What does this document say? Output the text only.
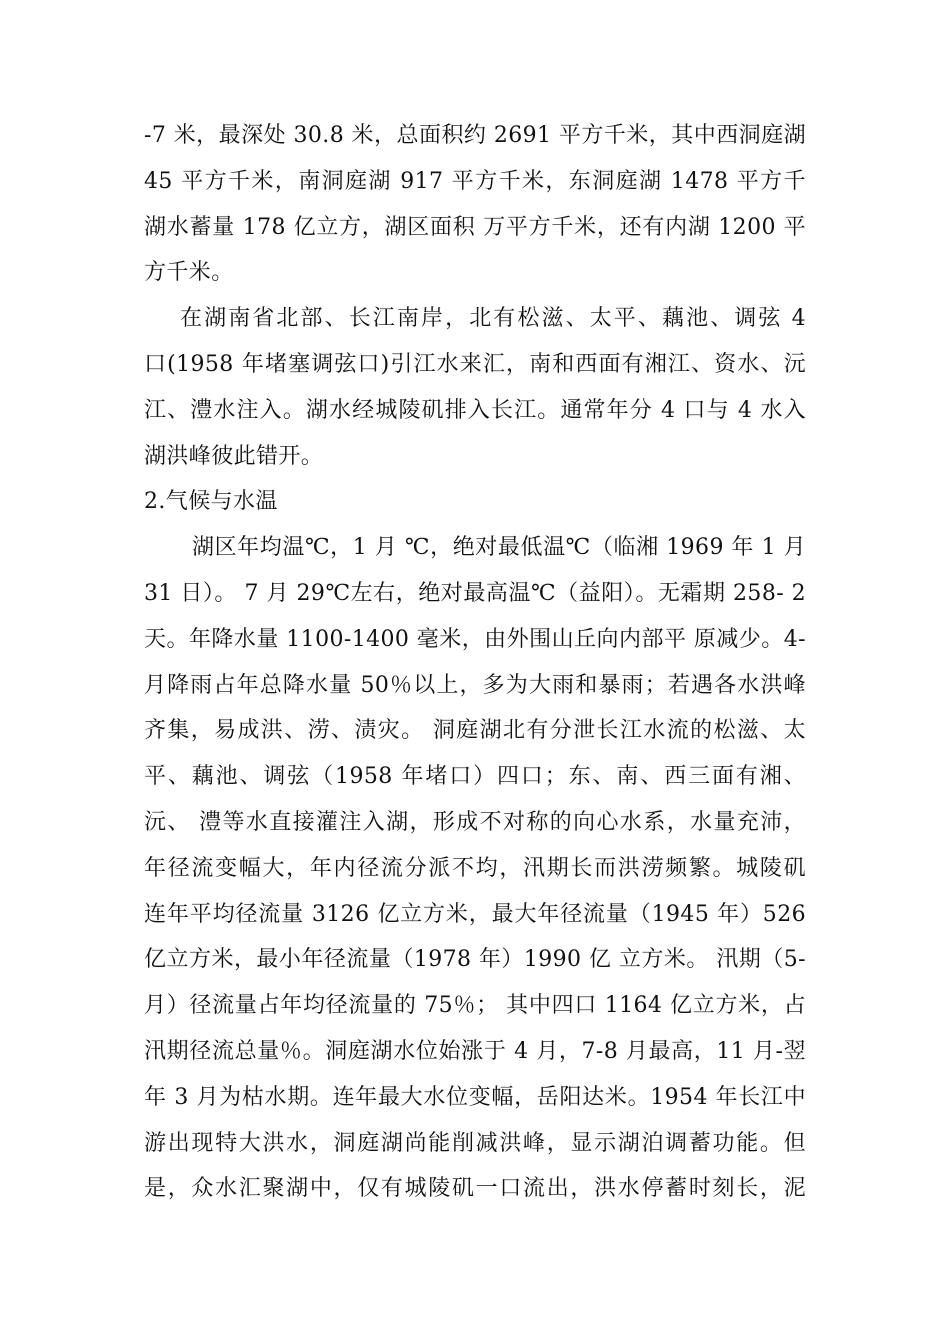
-7 米，最深处 30.8 米，总面积约 2691 平方千米，其中西洞庭湖
45 平方千米，南洞庭湖 917 平方千米，东洞庭湖 1478 平方千
湖水蓄量 178 亿立方，湖区面积 万平方千米，还有内湖 1200 平
方千米。
在湖南省北部、长江南岸，北有松滋、太平、藕池、调弦 4
口(1958 年堵塞调弦口)引江水来汇，南和西面有湘江、资水、沅
江、澧水注入。湖水经城陵矶排入长江。通常年分 4 口与 4 水入
湖洪峰彼此错开。
2.气候与水温
湖区年均温℃，1 月 ℃，绝对最低温℃（临湘 1969 年 1 月
31 日）。 7 月 29℃左右，绝对最高温℃（益阳）。无霜期 258- 2
天。年降水量 1100-1400 毫米，由外围山丘向内部平 原减少。4-
月降雨占年总降水量 50％以上，多为大雨和暴雨；若遇各水洪峰
齐集，易成洪、涝、渍灾。 洞庭湖北有分泄长江水流的松滋、太
平、藕池、调弦（1958 年堵口）四口；东、南、西三面有湘、
沅、 澧等水直接灌注入湖，形成不对称的向心水系，水量充沛，
年径流变幅大，年内径流分派不均，汛期长而洪涝频繁。城陵矶
连年平均径流量 3126 亿立方米，最大年径流量（1945 年）526
亿立方米，最小年径流量（1978 年）1990 亿 立方米。 汛期（5-
月）径流量占年均径流量的 75％； 其中四口 1164 亿立方米，占
汛期径流总量％。洞庭湖水位始涨于 4 月，7-8 月最高，11 月-翌
年 3 月为枯水期。连年最大水位变幅，岳阳达米。1954 年长江中
游出现特大洪水，洞庭湖尚能削减洪峰，显示湖泊调蓄功能。但
是，众水汇聚湖中，仅有城陵矶一口流出，洪水停蓄时刻长，泥
